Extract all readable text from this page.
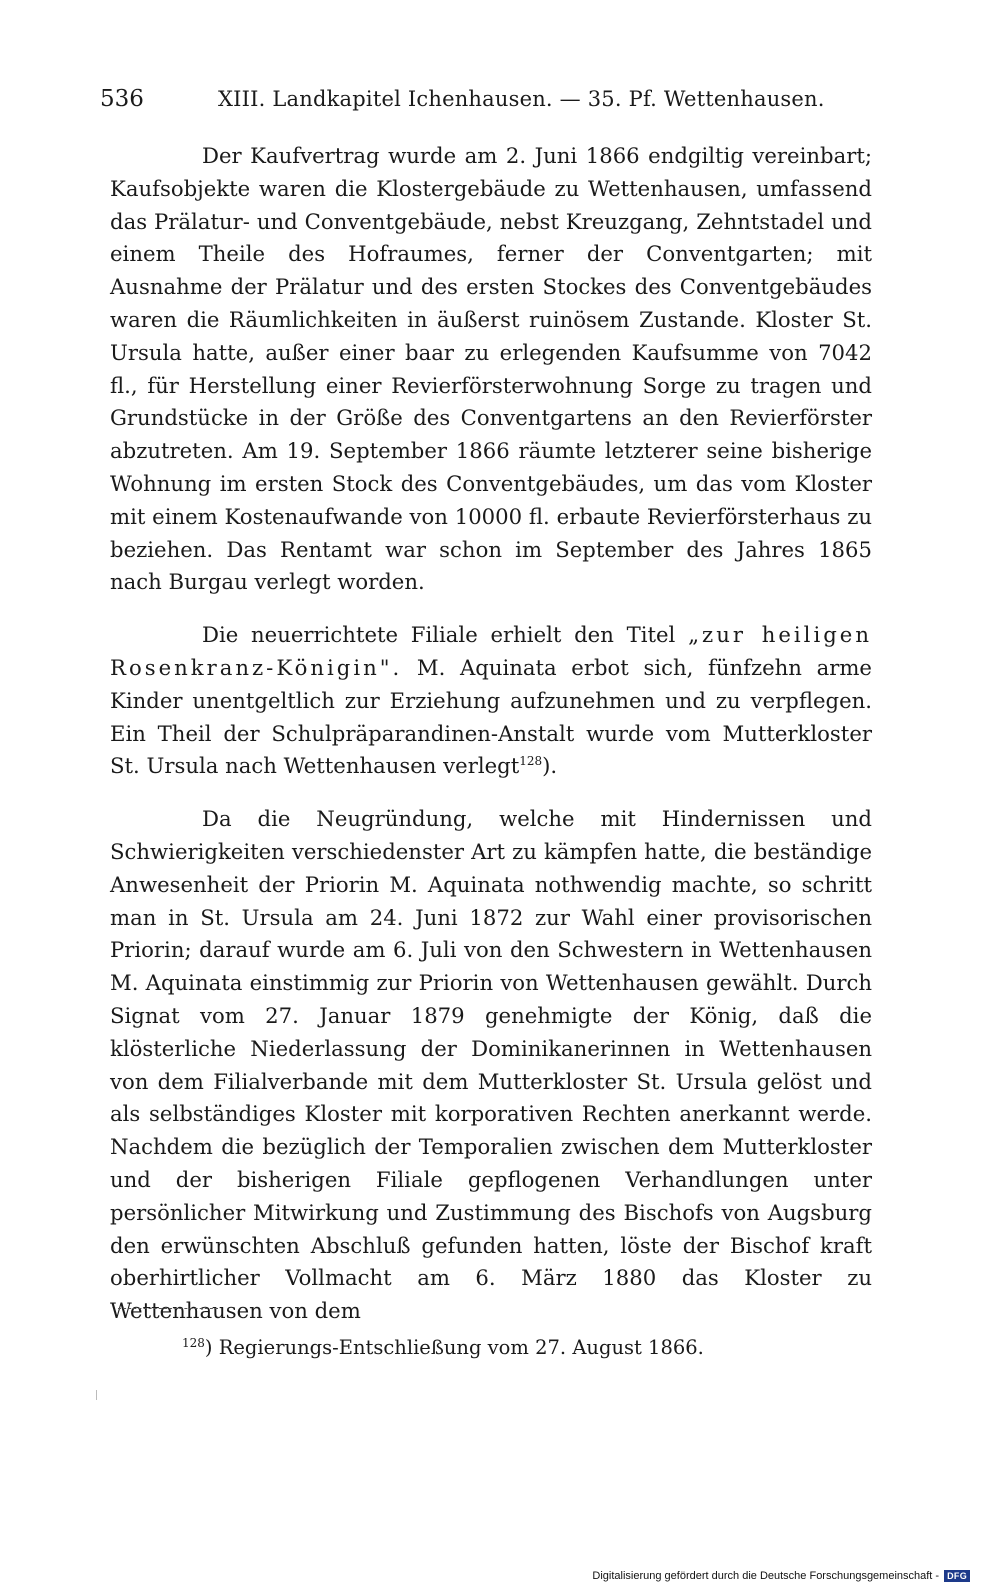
536	XIII. Landkapitel Ichenhausen. — 35. Pf. Wettenhausen.

Der Kaufvertrag wurde am 2. Juni 1866 endgiltig vereinbart; Kaufsobjekte waren die Klostergebäude zu Wettenhausen, umfassend das Prälatur- und Conventgebäude, nebst Kreuzgang, Zehntstadel und einem Theile des Hofraumes, ferner der Conventgarten; mit Ausnahme der Prälatur und des ersten Stockes des Conventgebäudes waren die Räumlichkeiten in äußerst ruinösem Zustande. Kloster St. Ursula hatte, außer einer baar zu erlegenden Kaufsumme von 7042 fl., für Herstellung einer Revierförsterwohnung Sorge zu tragen und Grundstücke in der Größe des Conventgartens an den Revierförster abzutreten. Am 19. September 1866 räumte letzterer seine bisherige Wohnung im ersten Stock des Conventgebäudes, um das vom Kloster mit einem Kostenaufwande von 10000 fl. erbaute Revierförsterhaus zu beziehen. Das Rentamt war schon im September des Jahres 1865 nach Burgau verlegt worden.

Die neuerrichtete Filiale erhielt den Titel „zur heiligen Rosenkranz-Königin". M. Aquinata erbot sich, fünfzehn arme Kinder unentgeltlich zur Erziehung aufzunehmen und zu verpflegen. Ein Theil der Schulpräparandinen-Anstalt wurde vom Mutterkloster St. Ursula nach Wettenhausen verlegt$^{128}$).

Da die Neugründung, welche mit Hindernissen und Schwierigkeiten verschiedenster Art zu kämpfen hatte, die beständige Anwesenheit der Priorin M. Aquinata nothwendig machte, so schritt man in St. Ursula am 24. Juni 1872 zur Wahl einer provisorischen Priorin; darauf wurde am 6. Juli von den Schwestern in Wettenhausen M. Aquinata einstimmig zur Priorin von Wettenhausen gewählt. Durch Signat vom 27. Januar 1879 genehmigte der König, daß die klösterliche Niederlassung der Dominikanerinnen in Wettenhausen von dem Filialverbande mit dem Mutterkloster St. Ursula gelöst und als selbständiges Kloster mit korporativen Rechten anerkannt werde. Nachdem die bezüglich der Temporalien zwischen dem Mutterkloster und der bisherigen Filiale gepflogenen Verhandlungen unter persönlicher Mitwirkung und Zustimmung des Bischofs von Augsburg den erwünschten Abschluß gefunden hatten, löste der Bischof kraft oberhirtlicher Vollmacht am 6. März 1880 das Kloster zu Wettenhausen von dem

$^{128}$) Regierungs-Entschließung vom 27. August 1866.
Digitalisierung gefördert durch die Deutsche Forschungsgemeinschaft - DFG
